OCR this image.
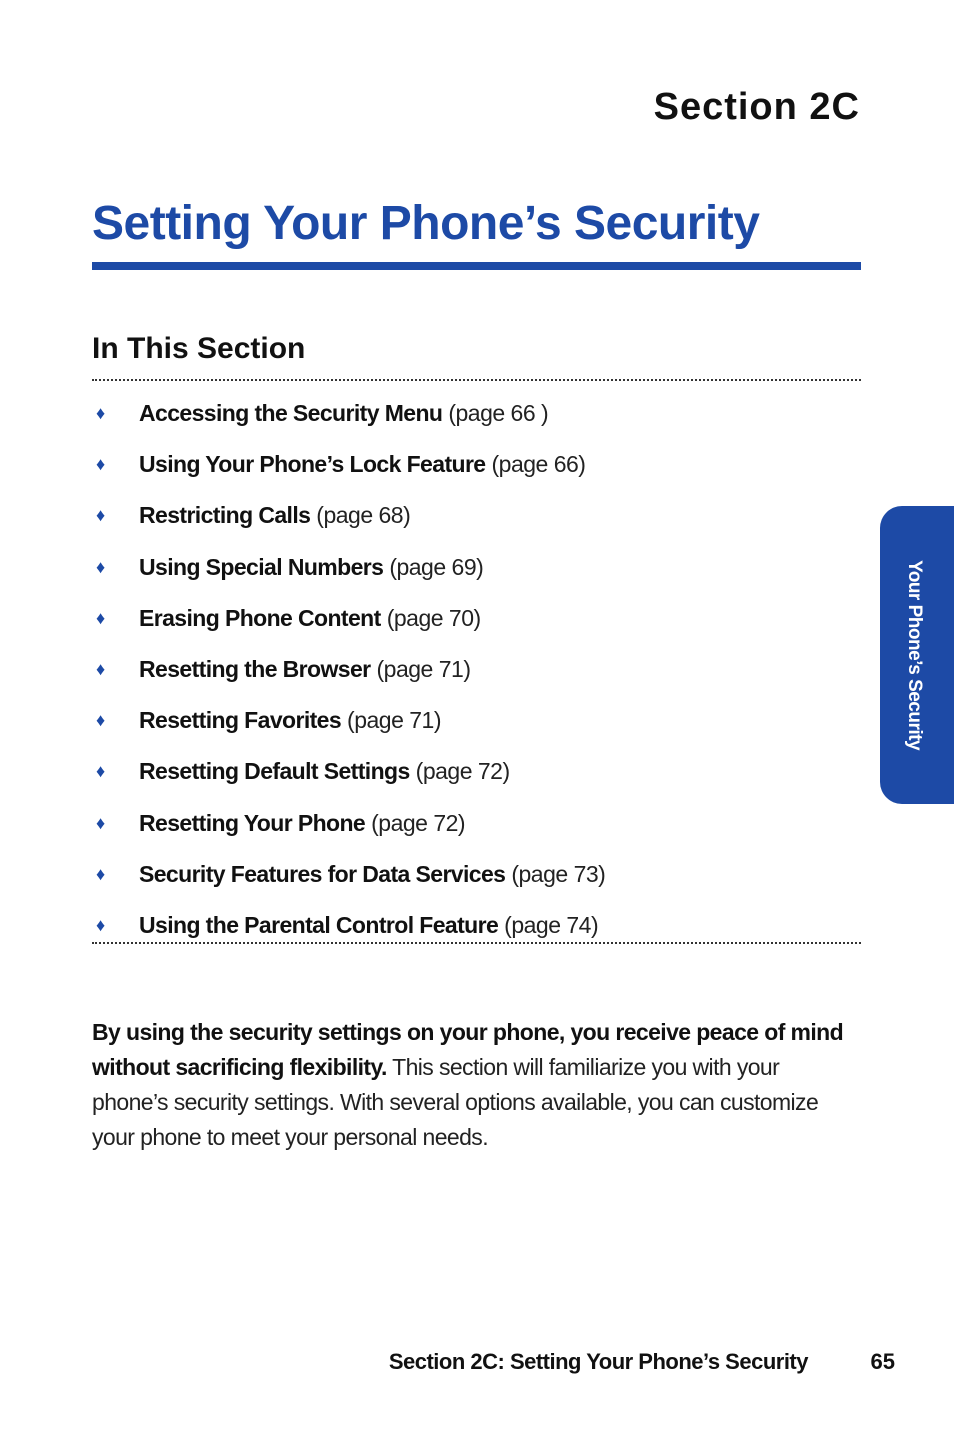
Section 2C
Setting Your Phone’s Security
In This Section
♦	Accessing the Security Menu (page 66 )
♦	Using Your Phone’s Lock Feature (page 66)
♦	Restricting Calls (page 68)
♦	Using Special Numbers (page 69)
♦	Erasing Phone Content (page 70)
♦	Resetting the Browser (page 71)
♦	Resetting Favorites (page 71)
♦	Resetting Default Settings (page 72)
♦	Resetting Your Phone (page 72)
♦	Security Features for Data Services (page 73)
♦	Using the Parental Control Feature (page 74)

By using the security settings on your phone, you receive peace of mind without sacrificing flexibility. This section will familiarize you with your phone’s security settings. With several options available, you can customize your phone to meet your personal needs.

Your Phone’s Security
Section 2C: Setting Your Phone’s Security	65
